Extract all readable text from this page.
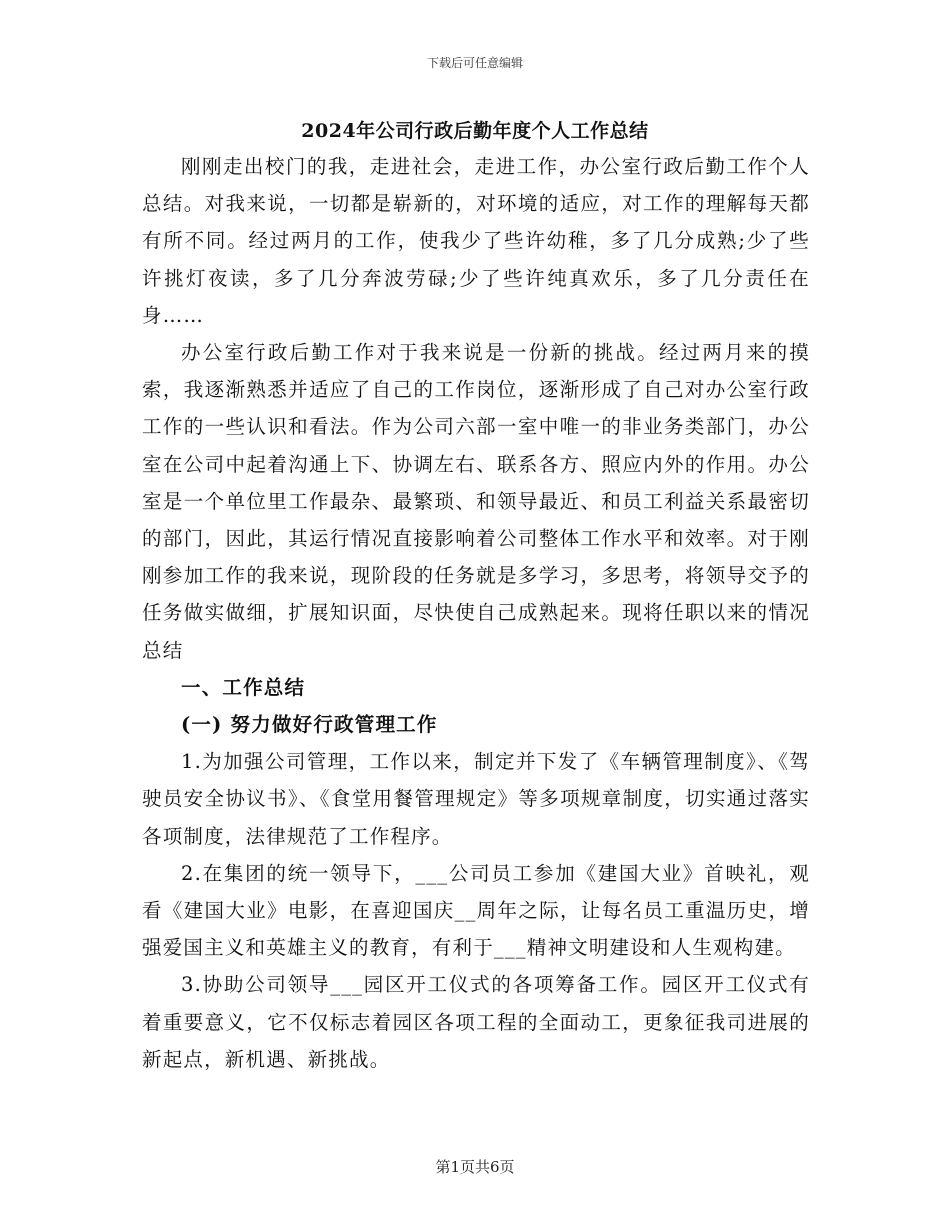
下载后可任意编辑
2024年公司行政后勤年度个人工作总结

刚刚走出校门的我，走进社会，走进工作，办公室行政后勤工作个人总结。对我来说，一切都是崭新的，对环境的适应，对工作的理解每天都有所不同。经过两月的工作，使我少了些许幼稚，多了几分成熟;少了些许挑灯夜读，多了几分奔波劳碌;少了些许纯真欢乐，多了几分责任在身……

办公室行政后勤工作对于我来说是一份新的挑战。经过两月来的摸索，我逐渐熟悉并适应了自己的工作岗位，逐渐形成了自己对办公室行政工作的一些认识和看法。作为公司六部一室中唯一的非业务类部门，办公室在公司中起着沟通上下、协调左右、联系各方、照应内外的作用。办公室是一个单位里工作最杂、最繁琐、和领导最近、和员工利益关系最密切的部门，因此，其运行情况直接影响着公司整体工作水平和效率。对于刚刚参加工作的我来说，现阶段的任务就是多学习，多思考，将领导交予的任务做实做细，扩展知识面，尽快使自己成熟起来。现将任职以来的情况总结

一、工作总结

(一) 努力做好行政管理工作

1.为加强公司管理，工作以来，制定并下发了《车辆管理制度》、《驾驶员安全协议书》、《食堂用餐管理规定》等多项规章制度，切实通过落实各项制度，法律规范了工作程序。

2.在集团的统一领导下，___公司员工参加《建国大业》首映礼，观看《建国大业》电影，在喜迎国庆__周年之际，让每名员工重温历史，增强爱国主义和英雄主义的教育，有利于___精神文明建设和人生观构建。

3.协助公司领导___园区开工仪式的各项筹备工作。园区开工仪式有着重要意义，它不仅标志着园区各项工程的全面动工，更象征我司进展的新起点，新机遇、新挑战。

第1页共6页
